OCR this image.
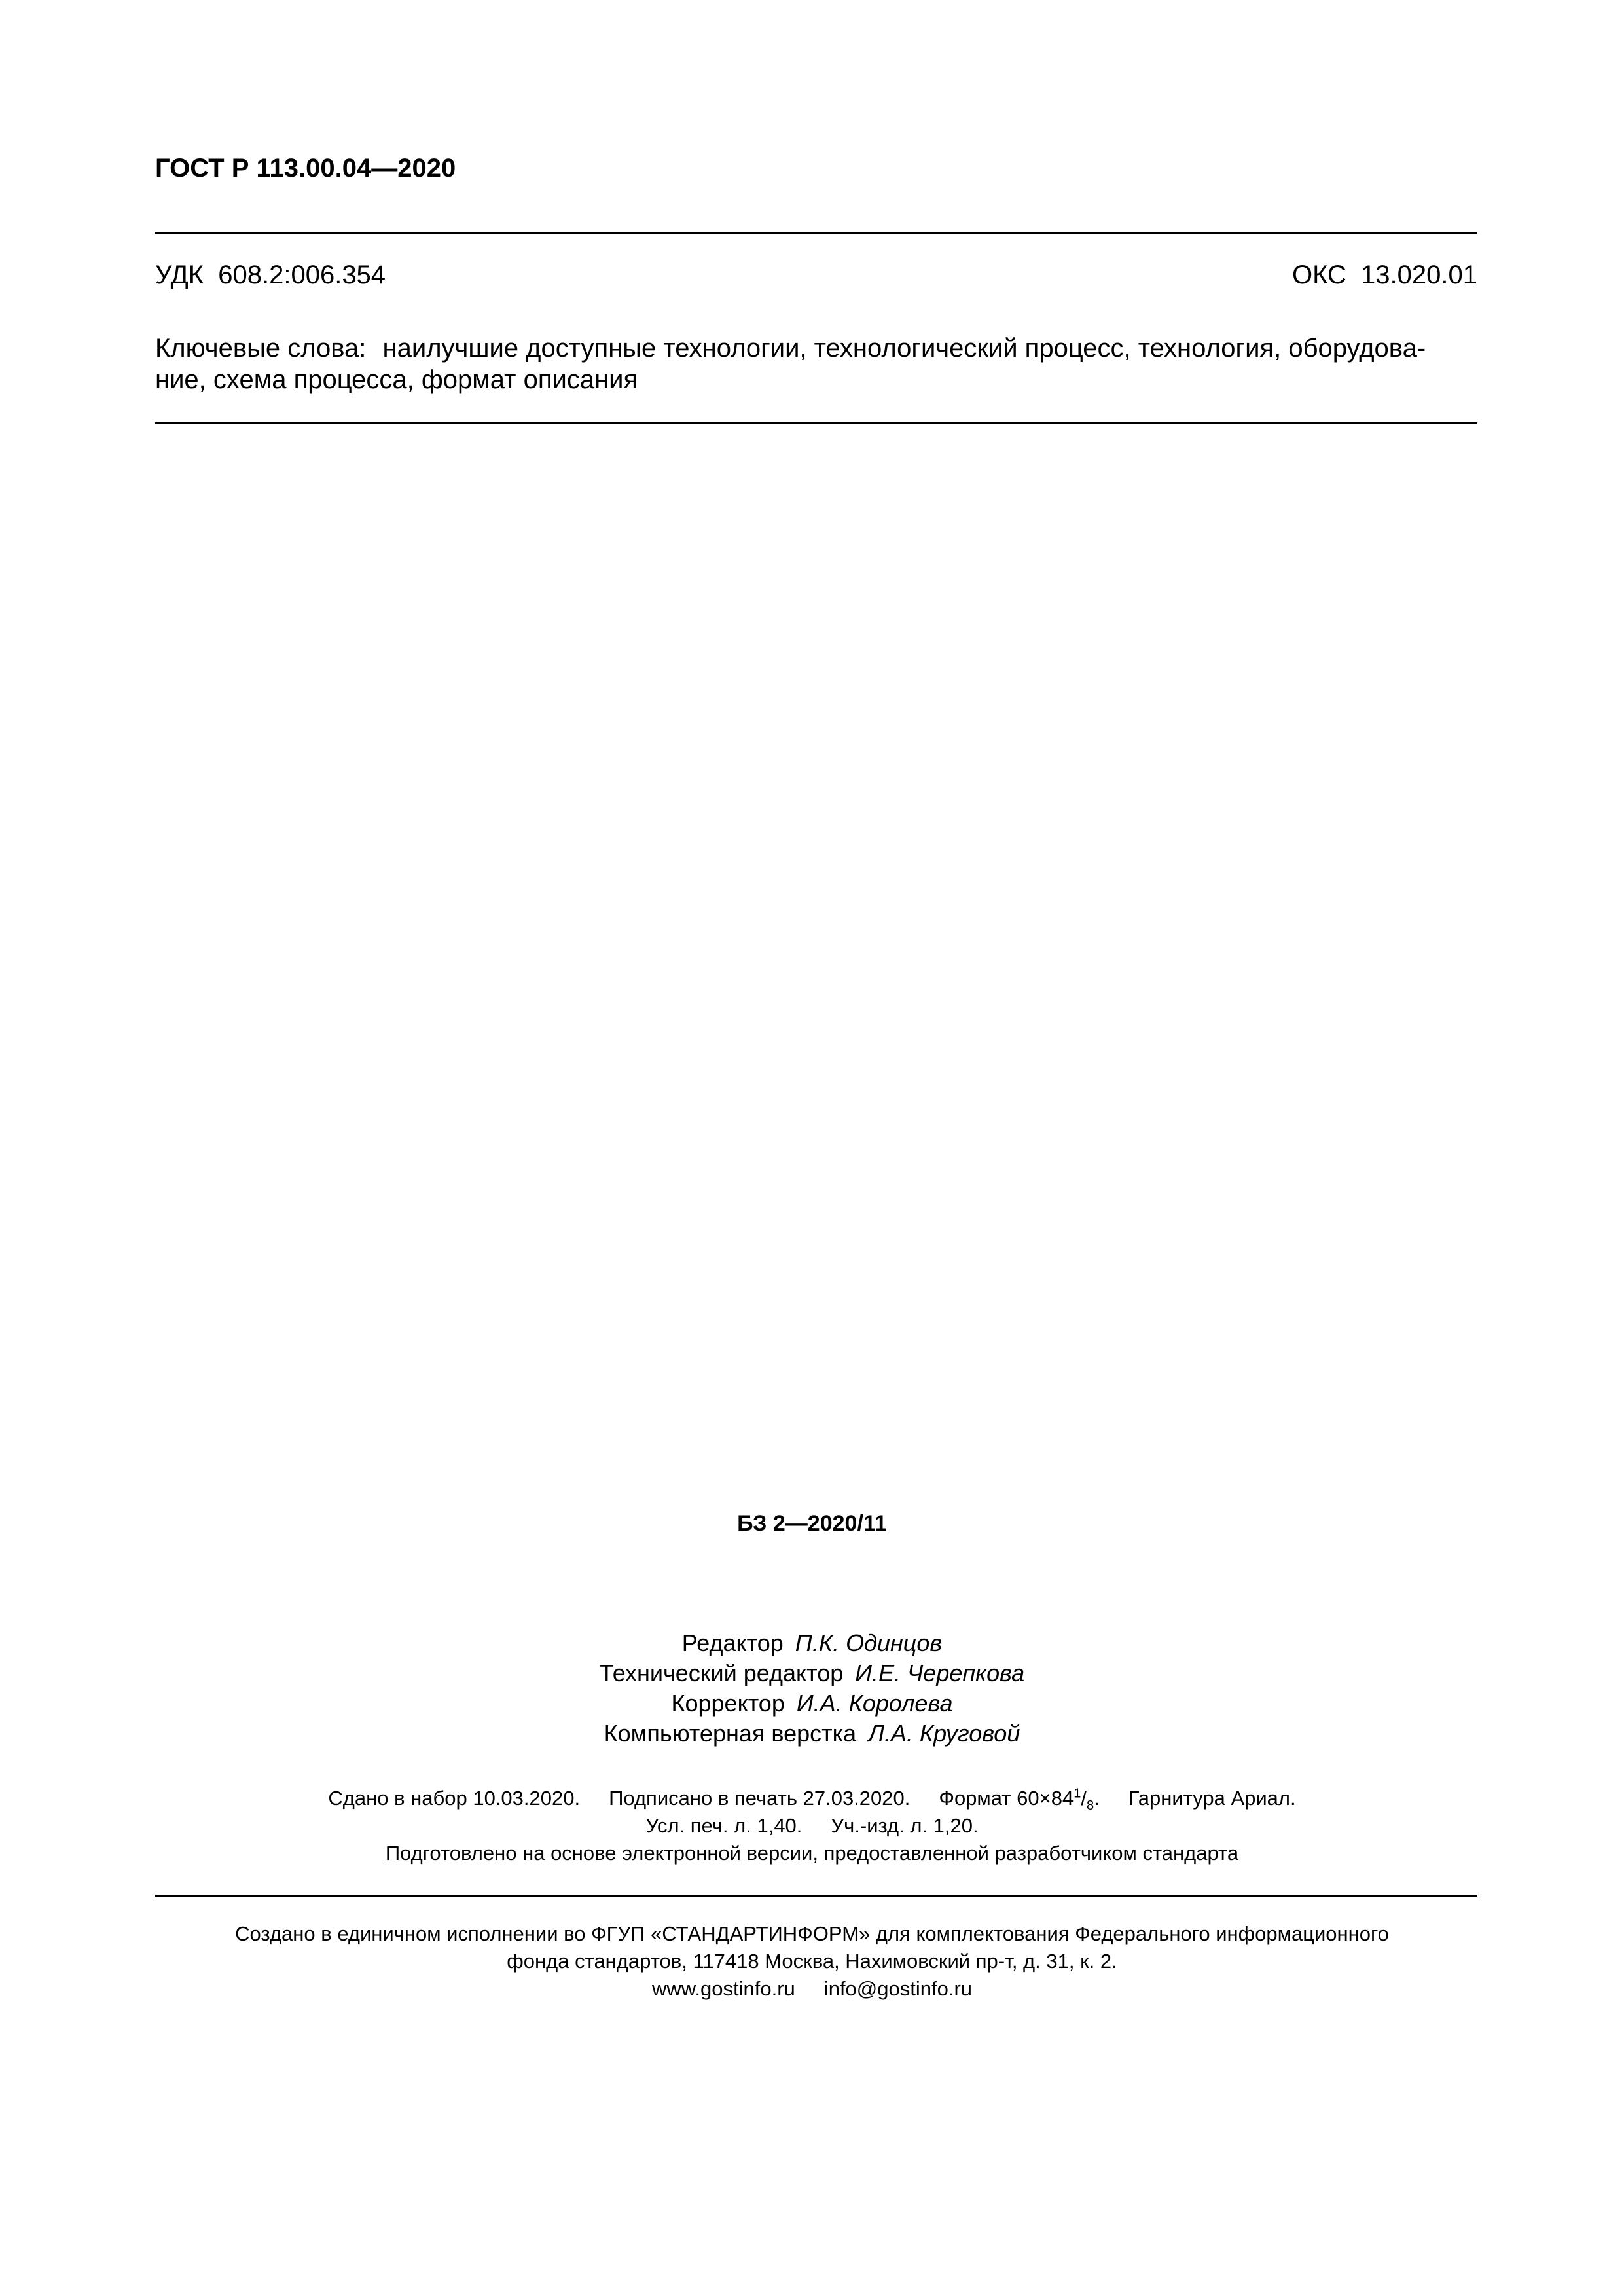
ГОСТ Р 113.00.04—2020
УДК 608.2:006.354	ОКС 13.020.01
Ключевые слова: наилучшие доступные технологии, технологический процесс, технология, оборудова-
ние, схема процесса, формат описания
БЗ 2—2020/11
Редактор П.К. Одинцов
Технический редактор И.Е. Черепкова
Корректор И.А. Королева
Компьютерная верстка Л.А. Круговой
Сдано в набор 10.03.2020. Подписано в печать 27.03.2020. Формат $60\times 84^1/_8$. Гарнитура Ариал.
Усл. печ. л. 1,40. Уч.-изд. л. 1,20.
Подготовлено на основе электронной версии, предоставленной разработчиком стандарта
Создано в единичном исполнении во ФГУП «СТАНДАРТИНФОРМ» для комплектования Федерального информационного
фонда стандартов, 117418 Москва, Нахимовский пр-т, д. 31, к. 2.
www.gostinfo.ru info@gostinfo.ru
